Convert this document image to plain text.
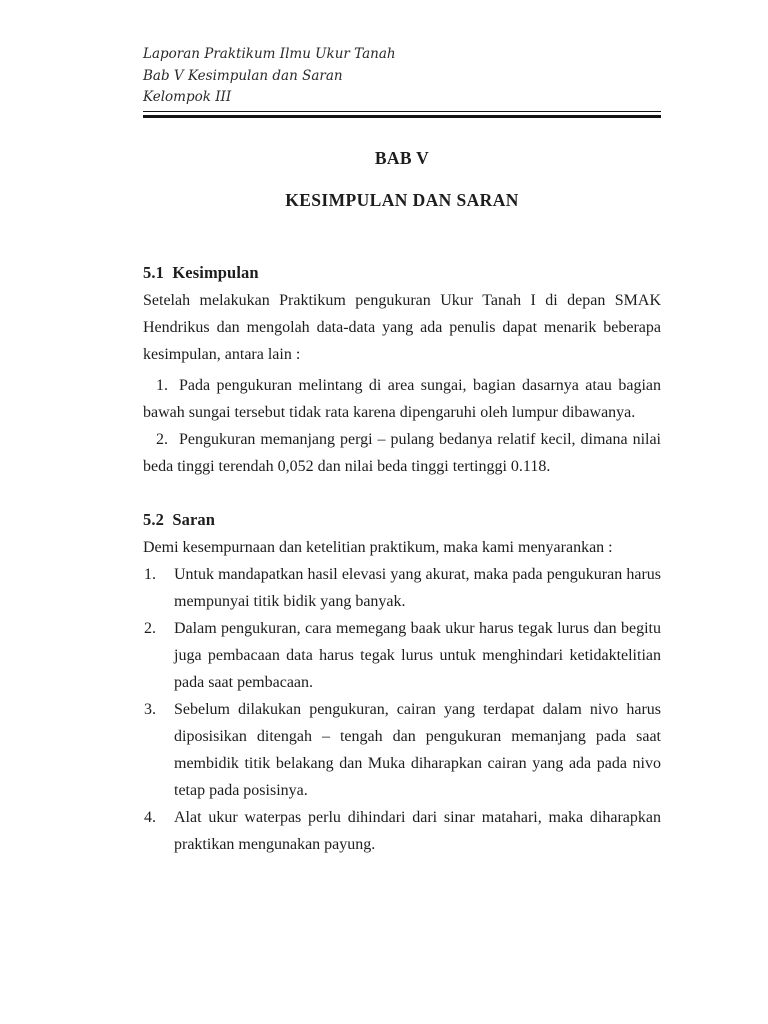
Laporan Praktikum Ilmu Ukur Tanah
Bab V Kesimpulan dan Saran
Kelompok III
BAB V
KESIMPULAN DAN SARAN
5.1  Kesimpulan

Setelah melakukan Praktikum pengukuran Ukur Tanah I di depan SMAK Hendrikus dan mengolah data-data yang ada penulis dapat menarik beberapa kesimpulan, antara lain :

1. Pada pengukuran melintang di area sungai, bagian dasarnya atau bagian bawah sungai tersebut tidak rata karena dipengaruhi oleh lumpur dibawanya.

2. Pengukuran memanjang pergi – pulang bedanya relatif kecil, dimana nilai beda tinggi terendah 0,052 dan nilai beda tinggi tertinggi 0.118.

5.2  Saran

Demi kesempurnaan dan ketelitian praktikum, maka kami menyarankan :

1. Untuk mandapatkan hasil elevasi yang akurat, maka pada pengukuran harus mempunyai titik bidik yang banyak.

2. Dalam pengukuran, cara memegang baak ukur harus tegak lurus dan begitu juga pembacaan data harus tegak lurus untuk menghindari ketidaktelitian pada saat pembacaan.

3. Sebelum dilakukan pengukuran, cairan yang terdapat dalam nivo harus diposisikan ditengah – tengah dan pengukuran memanjang pada saat membidik titik belakang dan Muka diharapkan cairan yang ada pada nivo tetap pada posisinya.

4. Alat ukur waterpas perlu dihindari dari sinar matahari, maka diharapkan praktikan mengunakan payung.
